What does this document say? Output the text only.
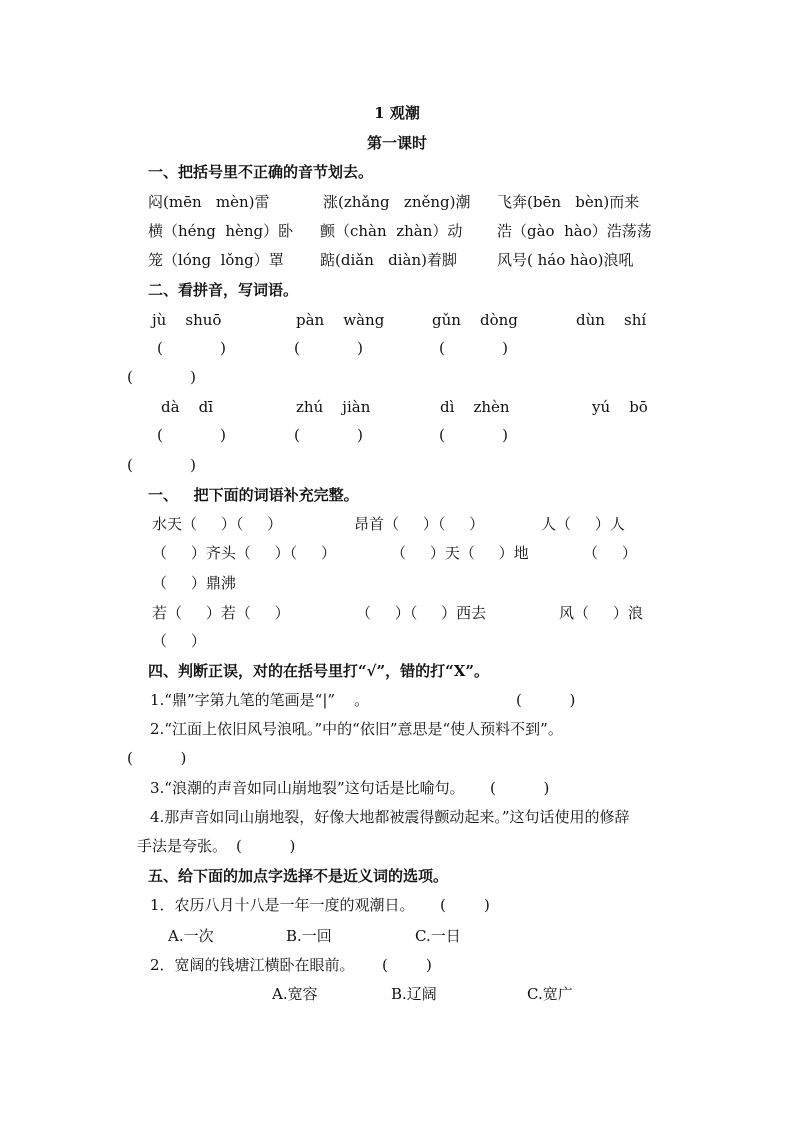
1 观潮
第一课时
一、把括号里不正确的音节划去。
闷(mēn   mèn)雷	涨(zhǎng   zněng)潮 飞奔(bēn   bèn)而来
横（héng  hèng）卧 颤（chàn  zhàn）动 浩（gào  hào）浩荡荡
笼（lóng  lǒng）罩 踮(diǎn   diàn)着脚	风号( háo hào)浪吼
二、看拼音，写词语。
jù    shuō	pàn    wàng	gǔn    dòng	dùn    shí
(            )	(            )	(            )
(            )
dà    dī	zhú    jiàn	dì    zhèn	yú    bō
(            )	(            )	(            )
(            )
一、   把下面的词语补充完整。
水天（     ）（     ）	昂首（     ）（     ）	人（     ）人
（     ）齐头（     ）（     ）	（     ）天（     ）地	（     ）
（     ）鼎沸
若（     ）若（     ）	（     ）（     ）西去	风（     ）浪
（     ）
四、判断正误，对的在括号里打“√”，错的打“X”。
1.“鼎”字第九笔的笔画是“|”    。	(          )
2.“江面上依旧风号浪吼。”中的“依旧”意思是“使人预料不到”。
(          )
3.“浪潮的声音如同山崩地裂”这句话是比喻句。 (          )
4.那声音如同山崩地裂，好像大地都被震得颤动起来。”这句话使用的修辞
手法是夸张。 (          )
五、给下面的加点字选择不是近义词的选项。
1．农历八月十八是一年一度的观潮日。 (        )
A.一次	B.一回	C.一日
2．宽阔的钱塘江横卧在眼前。 (        )
A.宽容	B.辽阔	C.宽广
